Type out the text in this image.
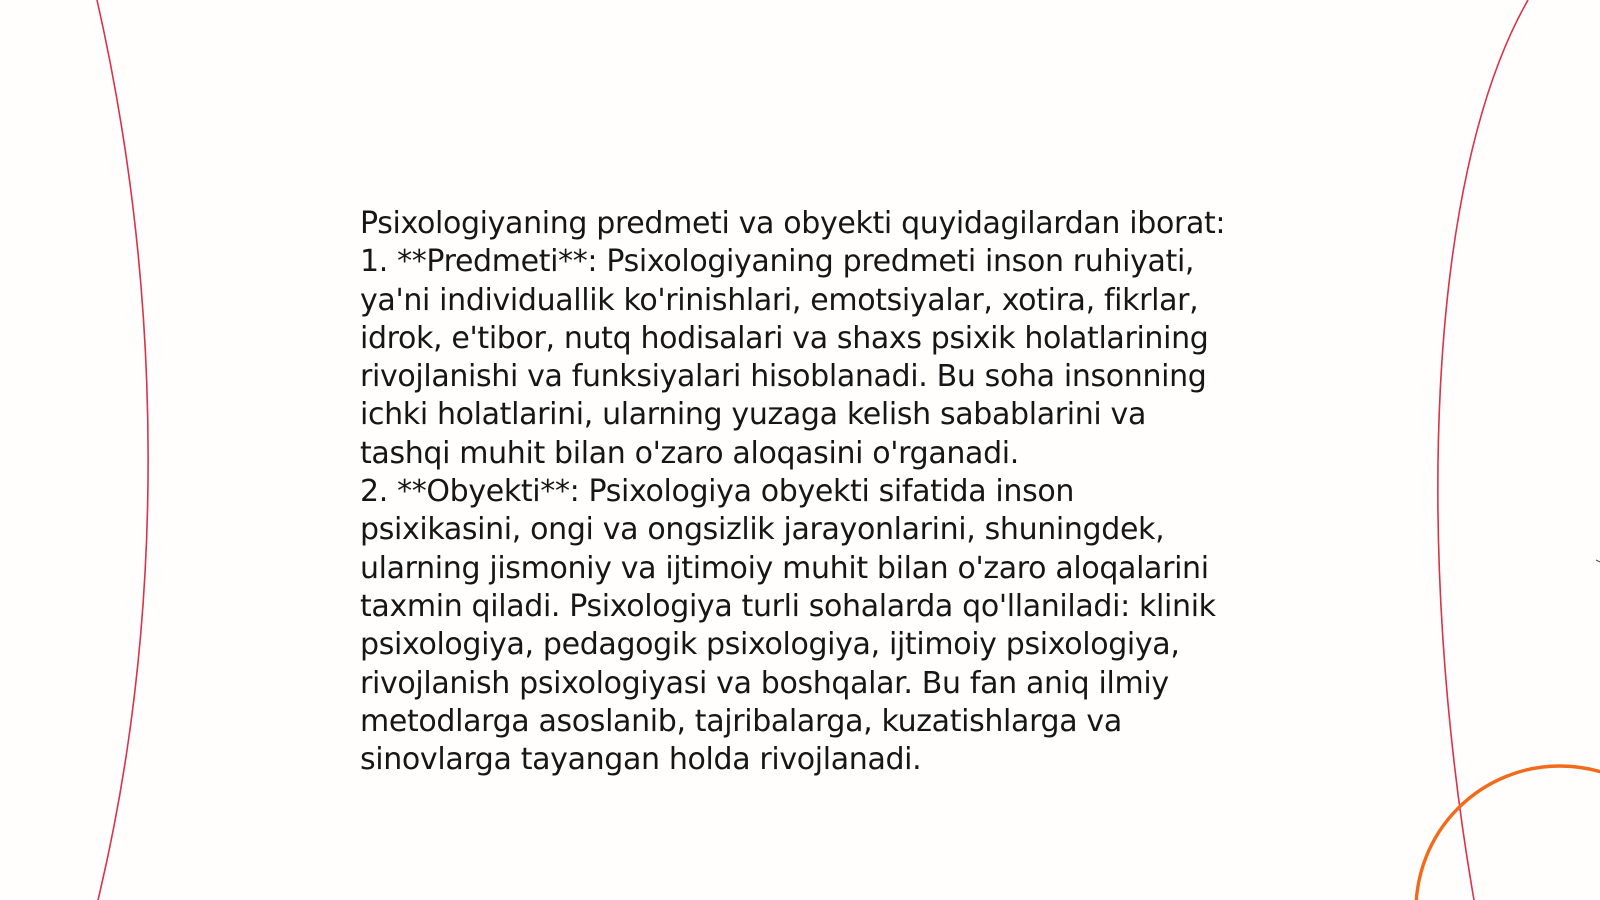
Psixologiyaning predmeti va obyekti quyidagilardan iborat:

1. **Predmeti**: Psixologiyaning predmeti inson ruhiyati, ya'ni individuallik ko'rinishlari, emotsiyalar, xotira, fikrlar, idrok, e'tibor, nutq hodisalari va shaxs psixik holatlarining rivojlanishi va funksiyalari hisoblanadi. Bu soha insonning ichki holatlarini, ularning yuzaga kelish sabablarini va tashqi muhit bilan o'zaro aloqasini o'rganadi.

2. **Obyekti**: Psixologiya obyekti sifatida inson psixikasini, ongi va ongsizlik jarayonlarini, shuningdek, ularning jismoniy va ijtimoiy muhit bilan o'zaro aloqalarini taxmin qiladi. Psixologiya turli sohalarda qo'llaniladi: klinik psixologiya, pedagogik psixologiya, ijtimoiy psixologiya, rivojlanish psixologiyasi va boshqalar. Bu fan aniq ilmiy metodlarga asoslanib, tajribalarga, kuzatishlarga va sinovlarga tayangan holda rivojlanadi.
